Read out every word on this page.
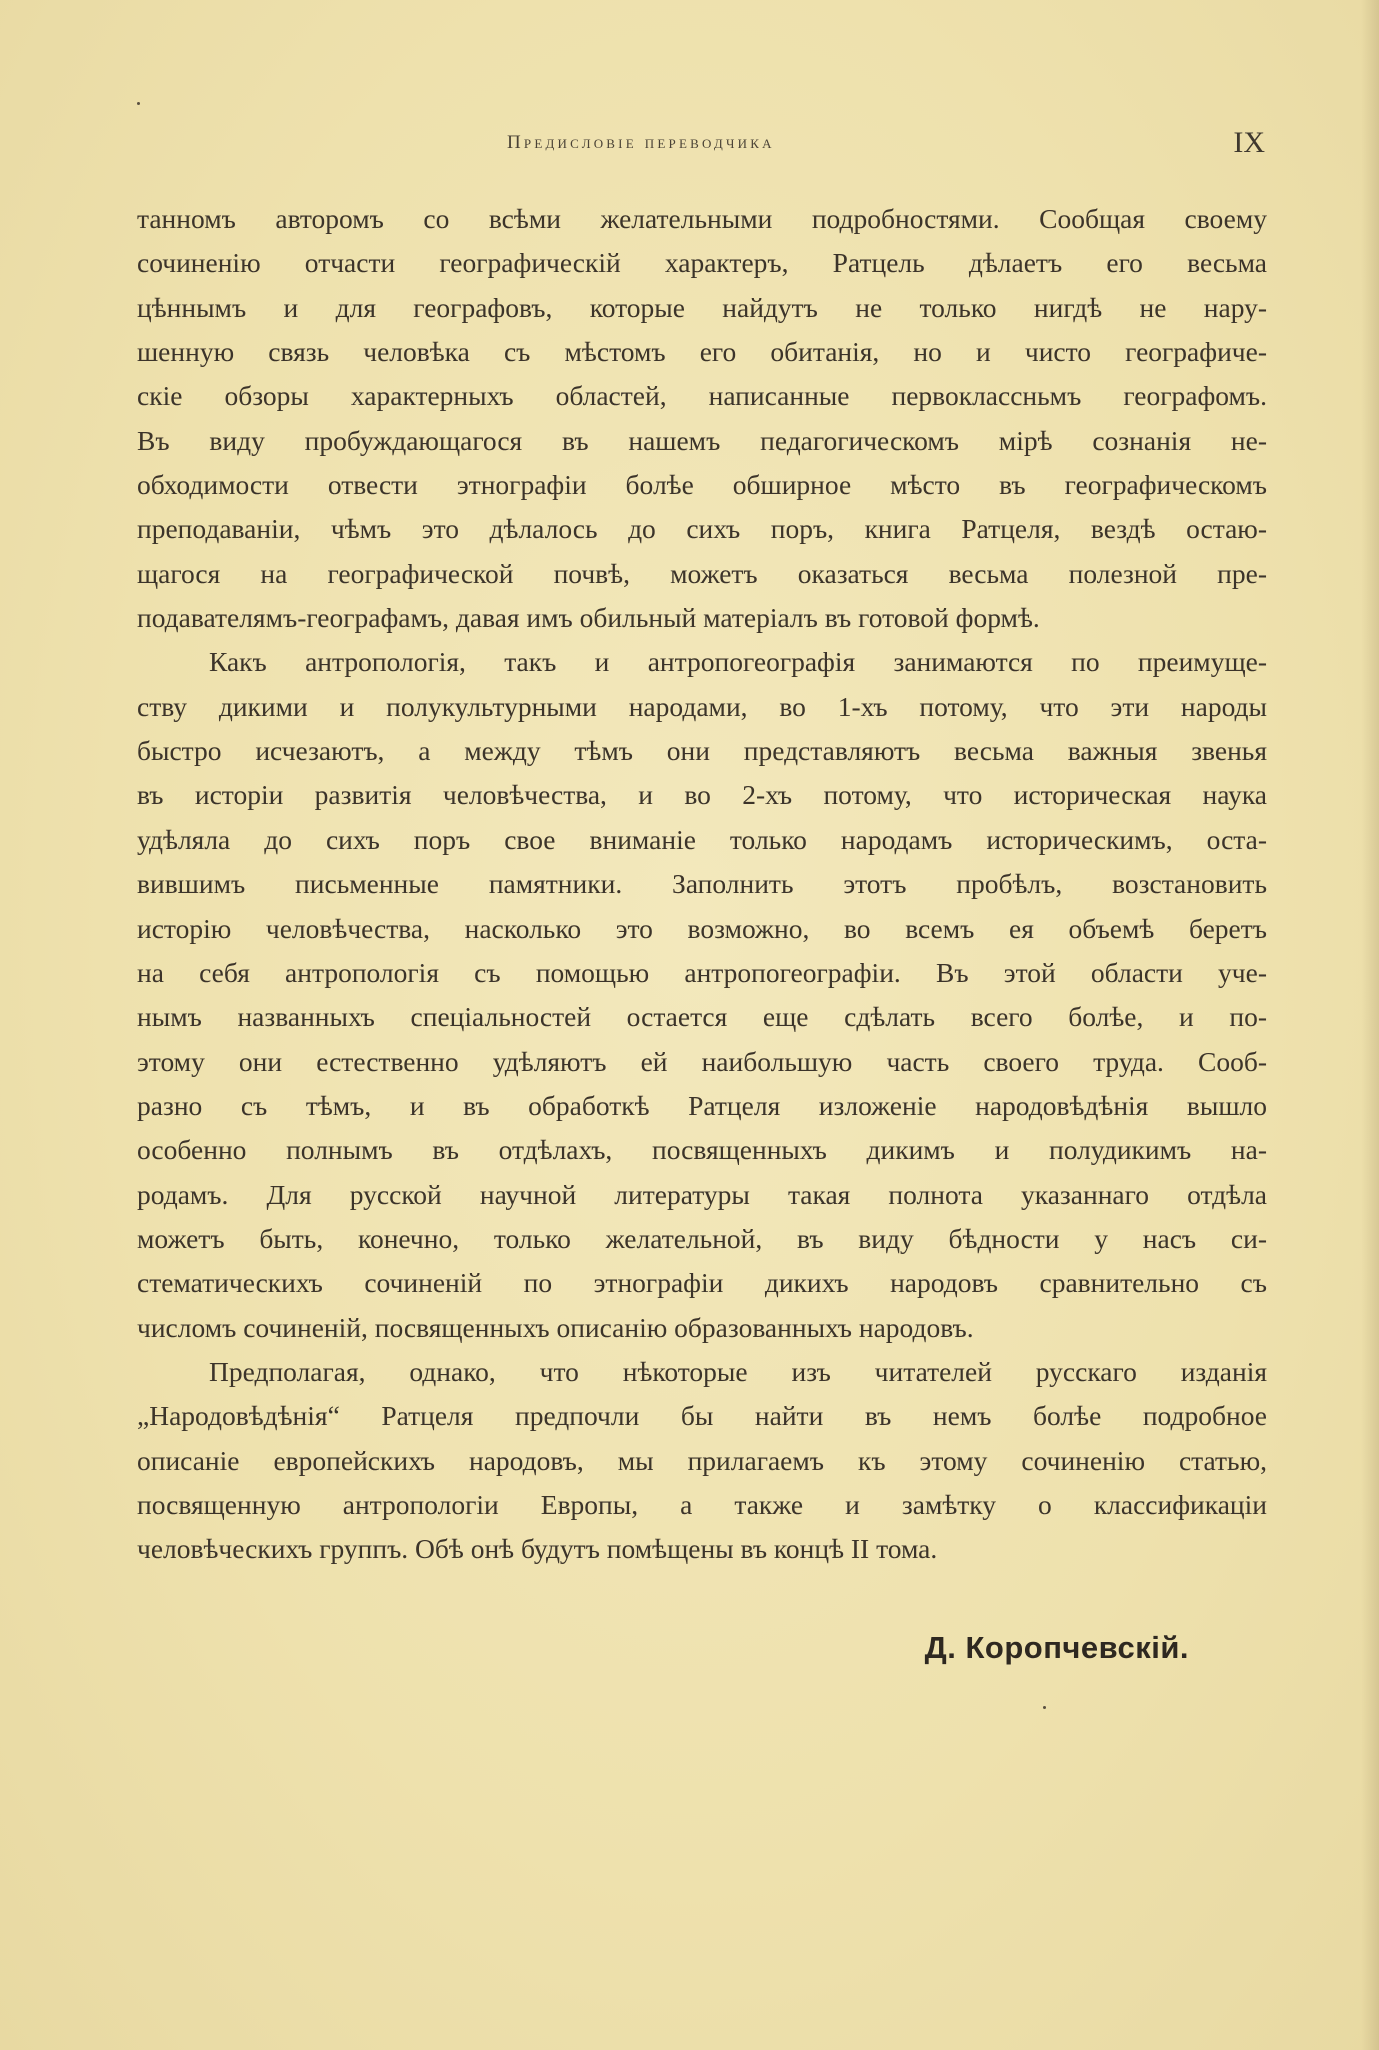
Предисловіе переводчика	IX
танномъ авторомъ со всѣми желательными подробностями. Сообщая своему
сочиненію отчасти географическій характеръ, Ратцель дѣлаетъ его весьма
цѣннымъ и для географовъ, которые найдутъ не только нигдѣ не нару-
шенную связь человѣка съ мѣстомъ его обитанія, но и чисто географиче-
скіе обзоры характерныхъ областей, написанные первоклассньмъ географомъ.
Въ виду пробуждающагося въ нашемъ педагогическомъ мірѣ сознанія не-
обходимости отвести этнографіи болѣе обширное мѣсто въ географическомъ
преподаваніи, чѣмъ это дѣлалось до сихъ поръ, книга Ратцеля, вездѣ остаю-
щагося на географической почвѣ, можетъ оказаться весьма полезной пре-
подавателямъ-географамъ, давая имъ обильный матеріалъ въ готовой формѣ.
Какъ антропологія, такъ и антропогеографія занимаются по преимуще-
ству дикими и полукультурными народами, во 1-хъ потому, что эти народы
быстро исчезаютъ, а между тѣмъ они представляютъ весьма важныя звенья
въ исторіи развитія человѣчества, и во 2-хъ потому, что историческая наука
удѣляла до сихъ поръ свое вниманіе только народамъ историческимъ, оста-
вившимъ письменные памятники. Заполнить этотъ пробѣлъ, возстановить
исторію человѣчества, насколько это возможно, во всемъ ея объемѣ беретъ
на себя антропологія съ помощью антропогеографіи. Въ этой области уче-
нымъ названныхъ спеціальностей остается еще сдѣлать всего болѣе, и по-
этому они естественно удѣляютъ ей наибольшую часть своего труда. Сооб-
разно съ тѣмъ, и въ обработкѣ Ратцеля изложеніе народовѣдѣнія вышло
особенно полнымъ въ отдѣлахъ, посвященныхъ дикимъ и полудикимъ на-
родамъ. Для русской научной литературы такая полнота указаннаго отдѣла
можетъ быть, конечно, только желательной, въ виду бѣдности у насъ си-
стематическихъ сочиненій по этнографіи дикихъ народовъ сравнительно съ
числомъ сочиненій, посвященныхъ описанію образованныхъ народовъ.
Предполагая, однако, что нѣкоторые изъ читателей русскаго изданія
„Народовѣдѣнія“ Ратцеля предпочли бы найти въ немъ болѣе подробное
описаніе европейскихъ народовъ, мы прилагаемъ къ этому сочиненію статью,
посвященную антропологіи Европы, а также и замѣтку о классификаціи
человѣческихъ группъ. Обѣ онѣ будутъ помѣщены въ концѣ II тома.
Д. Коропчевскій.
